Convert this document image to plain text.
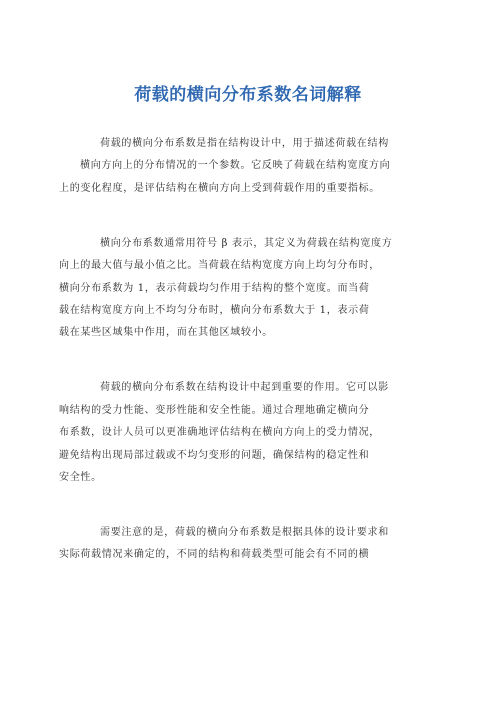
荷载的横向分布系数名词解释
荷载的横向分布系数是指在结构设计中，用于描述荷载在结构
横向方向上的分布情况的一个参数。它反映了荷载在结构宽度方向
上的变化程度，是评估结构在横向方向上受到荷载作用的重要指标。
横向分布系数通常用符号 β 表示，其定义为荷载在结构宽度方
向上的最大值与最小值之比。当荷载在结构宽度方向上均匀分布时，
横向分布系数为 1，表示荷载均匀作用于结构的整个宽度。而当荷
载在结构宽度方向上不均匀分布时，横向分布系数大于 1，表示荷
载在某些区域集中作用，而在其他区域较小。
荷载的横向分布系数在结构设计中起到重要的作用。它可以影
响结构的受力性能、变形性能和安全性能。通过合理地确定横向分
布系数，设计人员可以更准确地评估结构在横向方向上的受力情况，
避免结构出现局部过载或不均匀变形的问题，确保结构的稳定性和
安全性。
需要注意的是，荷载的横向分布系数是根据具体的设计要求和
实际荷载情况来确定的，不同的结构和荷载类型可能会有不同的横
